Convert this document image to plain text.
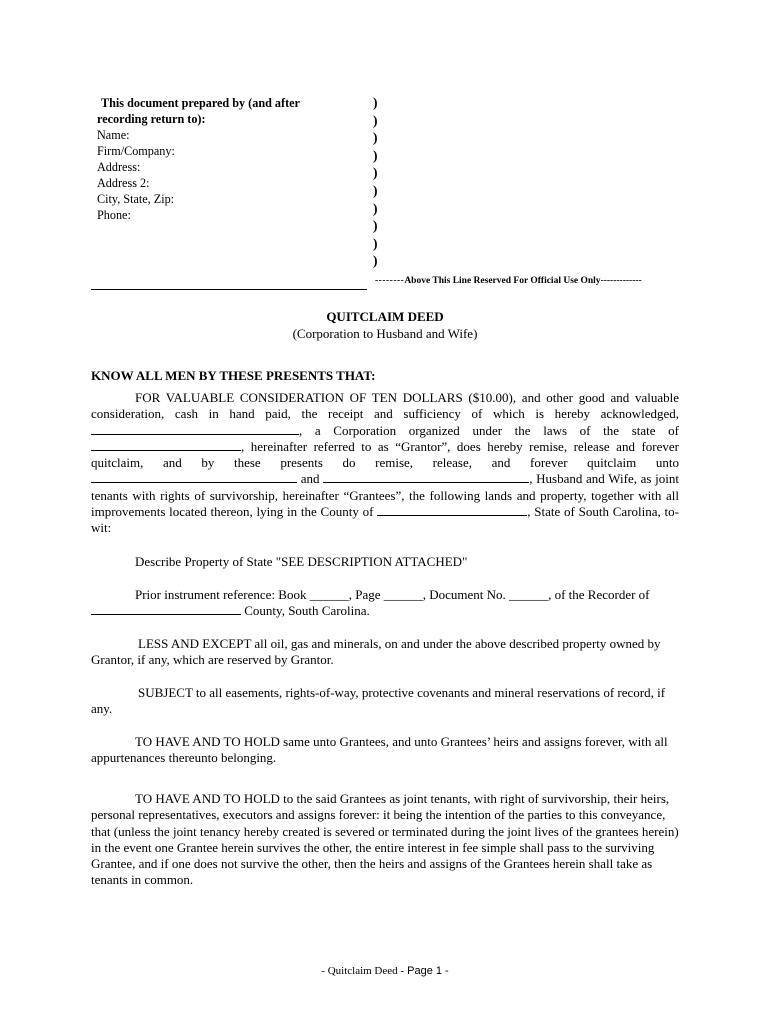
This document prepared by (and after
recording return to):
Name:
Firm/Company:
Address:
Address 2:
City, State, Zip:
Phone:
)
)
)
)
)
)
)
)
)
)
--------Above This Line Reserved For Official Use Only-------------
QUITCLAIM DEED
(Corporation to Husband and Wife)
KNOW ALL MEN BY THESE PRESENTS THAT:
FOR VALUABLE CONSIDERATION OF TEN DOLLARS ($10.00), and other good and valuable consideration, cash in hand paid, the receipt and sufficiency of which is hereby acknowledged, , a Corporation organized under the laws of the state of , hereinafter referred to as “Grantor”, does hereby remise, release and forever quitclaim, and by these presents do remise, release, and forever quitclaim unto  and	, Husband and Wife, as joint tenants with rights of survivorship, hereinafter “Grantees”, the following lands and property, together with all improvements located thereon, lying in the County of	, State of South Carolina, to-wit:
Describe Property of State "SEE DESCRIPTION ATTACHED"
Prior instrument reference: Book ______, Page ______, Document No. ______, of the Recorder of  County, South Carolina.

LESS AND EXCEPT all oil, gas and minerals, on and under the above described property owned by Grantor, if any, which are reserved by Grantor.

SUBJECT to all easements, rights-of-way, protective covenants and mineral reservations of record, if any.

TO HAVE AND TO HOLD same unto Grantees, and unto Grantees’ heirs and assigns forever, with all appurtenances thereunto belonging.

TO HAVE AND TO HOLD to the said Grantees as joint tenants, with right of survivorship, their heirs, personal representatives, executors and assigns forever: it being the intention of the parties to this conveyance, that (unless the joint tenancy hereby created is severed or terminated during the joint lives of the grantees herein) in the event one Grantee herein survives the other, the entire interest in fee simple shall pass to the surviving Grantee, and if one does not survive the other, then the heirs and assigns of the Grantees herein shall take as tenants in common.

- Quitclaim Deed - Page 1 -
